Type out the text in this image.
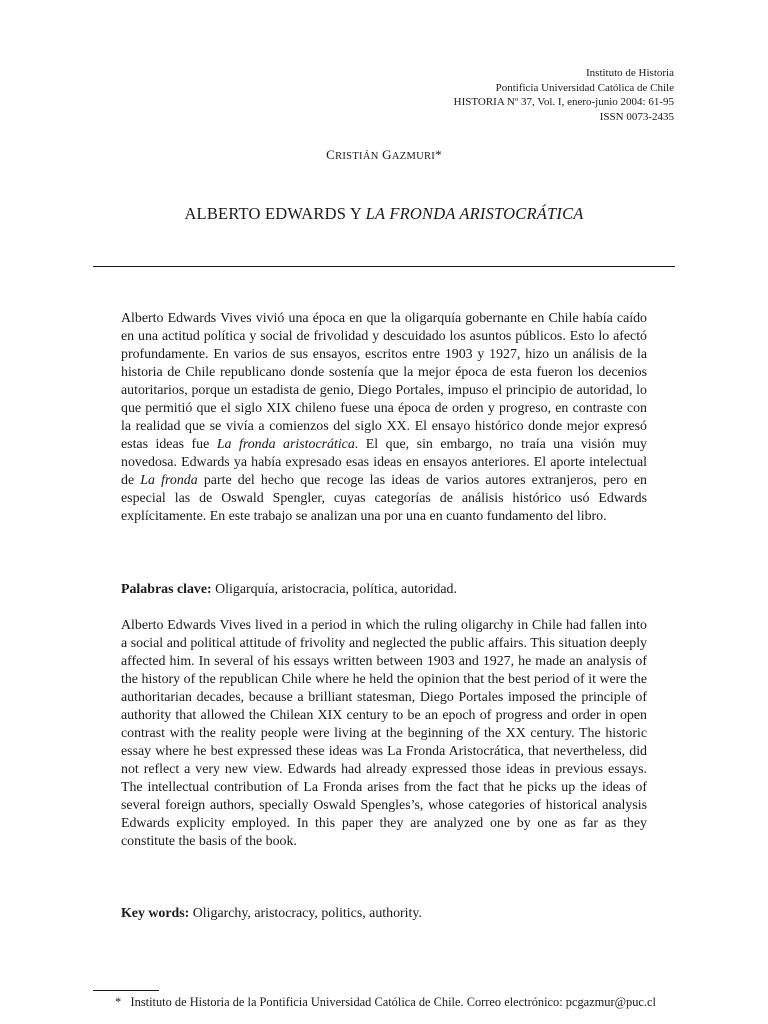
Instituto de Historia
Pontificia Universidad Católica de Chile
HISTORIA Nº 37, Vol. I, enero-junio 2004: 61-95
ISSN 0073-2435
CRISTIÁN GAZMURI*
ALBERTO EDWARDS Y LA FRONDA ARISTOCRÁTICA
Alberto Edwards Vives vivió una época en que la oligarquía gobernante en Chile había caído en una actitud política y social de frivolidad y descuidado los asuntos públicos. Esto lo afectó profundamente. En varios de sus ensayos, escritos entre 1903 y 1927, hizo un análisis de la historia de Chile republicano donde sostenía que la mejor época de esta fueron los decenios autoritarios, porque un estadista de genio, Diego Portales, impuso el principio de autoridad, lo que permitió que el siglo XIX chileno fuese una época de orden y progreso, en contraste con la realidad que se vivía a comienzos del siglo XX. El ensayo histórico donde mejor expresó estas ideas fue La fronda aristocrática. El que, sin embargo, no traía una visión muy novedosa. Edwards ya había expresado esas ideas en ensayos anteriores. El aporte intelectual de La fronda parte del hecho que recoge las ideas de varios autores extranjeros, pero en especial las de Oswald Spengler, cuyas categorías de análisis histórico usó Edwards explícitamente. En este trabajo se analizan una por una en cuanto fundamento del libro.
Palabras clave: Oligarquía, aristocracia, política, autoridad.
Alberto Edwards Vives lived in a period in which the ruling oligarchy in Chile had fallen into a social and political attitude of frivolity and neglected the public affairs. This situation deeply affected him. In several of his essays written between 1903 and 1927, he made an analysis of the history of the republican Chile where he held the opinion that the best period of it were the authoritarian decades, because a brilliant statesman, Diego Portales imposed the principle of authority that allowed the Chilean XIX century to be an epoch of progress and order in open contrast with the reality people were living at the beginning of the XX century. The historic essay where he best expressed these ideas was La Fronda Aristocrática, that nevertheless, did not reflect a very new view. Edwards had already expressed those ideas in previous essays. The intellectual contribution of La Fronda arises from the fact that he picks up the ideas of several foreign authors, specially Oswald Spengles’s, whose categories of historical analysis Edwards explicity employed. In this paper they are analyzed one by one as far as they constitute the basis of the book.
Key words: Oligarchy, aristocracy, politics, authority.
* Instituto de Historia de la Pontificia Universidad Católica de Chile. Correo electrónico: pcgazmur@puc.cl
